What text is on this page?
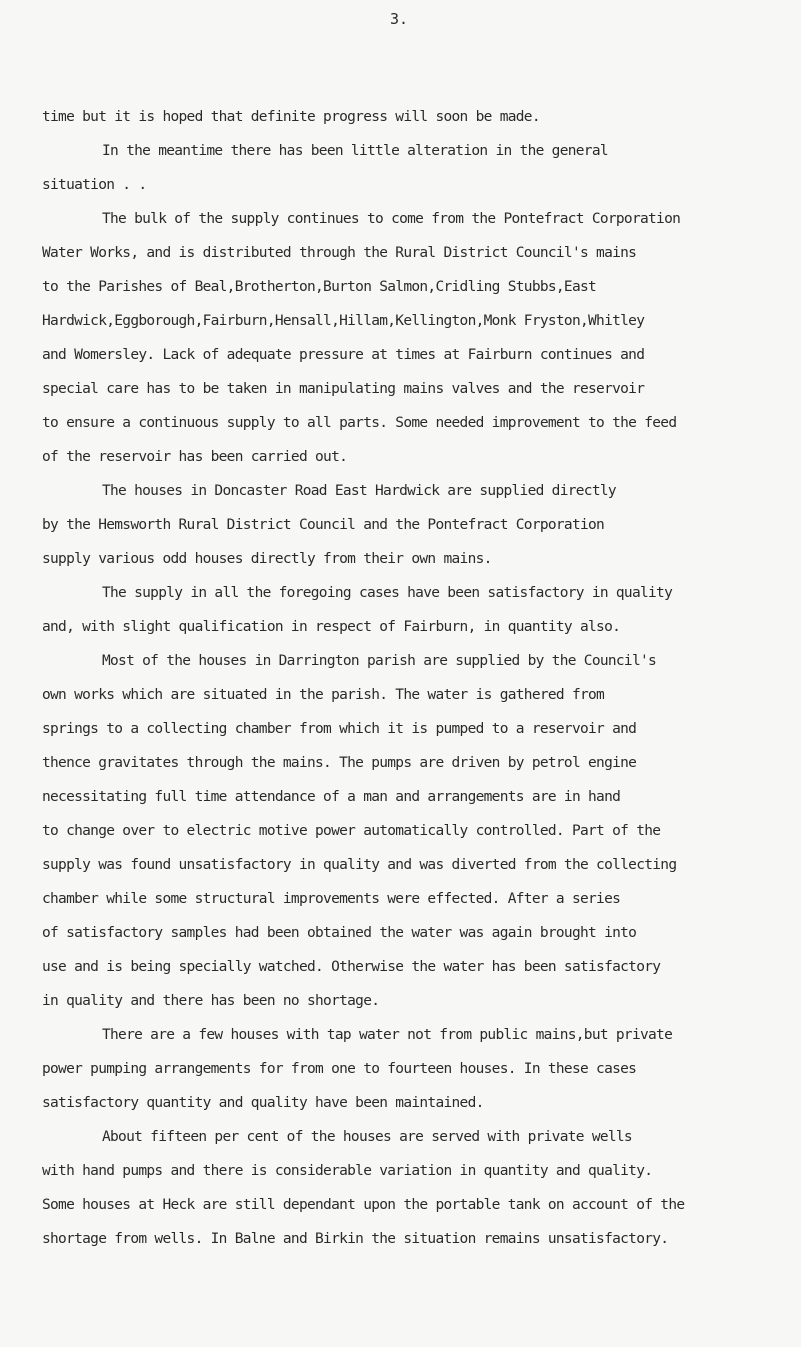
3.
time but it is hoped that definite progress will soon be made.
In the meantime there has been little alteration in the general
situation . .
The bulk of the supply continues to come from the Pontefract Corporation
Water Works, and is distributed through the Rural District Council's mains
to the Parishes of Beal,Brotherton,Burton Salmon,Cridling Stubbs,East
Hardwick,Eggborough,Fairburn,Hensall,Hillam,Kellington,Monk Fryston,Whitley
and Womersley. Lack of adequate pressure at times at Fairburn continues and
special care has to be taken in manipulating mains valves and the reservoir
to ensure a continuous supply to all parts. Some needed improvement to the feed
of the reservoir has been carried out.
The houses in Doncaster Road East Hardwick are supplied directly
by the Hemsworth Rural District Council and the Pontefract Corporation
supply various odd houses directly from their own mains.
The supply in all the foregoing cases have been satisfactory in quality
and, with slight qualification in respect of Fairburn, in quantity also.
Most of the houses in Darrington parish are supplied by the Council's
own works which are situated in the parish. The water is gathered from
springs to a collecting chamber from which it is pumped to a reservoir and
thence gravitates through the mains. The pumps are driven by petrol engine
necessitating full time attendance of a man and arrangements are in hand
to change over to electric motive power automatically controlled. Part of the
supply was found unsatisfactory in quality and was diverted from the collecting
chamber while some structural improvements were effected. After a series
of satisfactory samples had been obtained the water was again brought into
use and is being specially watched. Otherwise the water has been satisfactory
in quality and there has been no shortage.
There are a few houses with tap water not from public mains,but private
power pumping arrangements for from one to fourteen houses. In these cases
satisfactory quantity and quality have been maintained.
About fifteen per cent of the houses are served with private wells
with hand pumps and there is considerable variation in quantity and quality.
Some houses at Heck are still dependant upon the portable tank on account of the
shortage from wells. In Balne and Birkin the situation remains unsatisfactory.
